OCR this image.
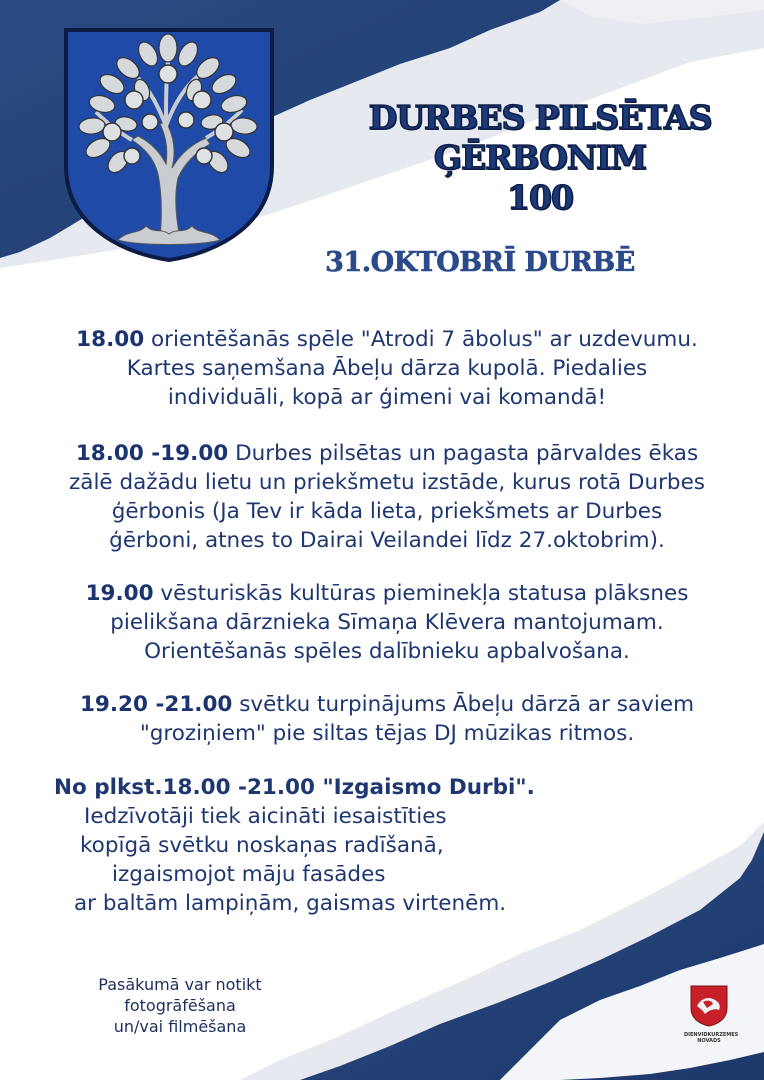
DURBES PILSĒTAS
ĢĒRBONIM
100
31.OKTOBRĪ DURBĒ
18.00 orientēšanās spēle "Atrodi 7 ābolus" ar uzdevumu.
Kartes saņemšana Ābeļu dārza kupolā. Piedalies
individuāli, kopā ar ģimeni vai komandā!
18.00 -19.00 Durbes pilsētas un pagasta pārvaldes ēkas
zālē dažādu lietu un priekšmetu izstāde, kurus rotā Durbes
ģērbonis (Ja Tev ir kāda lieta, priekšmets ar Durbes
ģērboni, atnes to Dairai Veilandei līdz 27.oktobrim).
19.00 vēsturiskās kultūras pieminekļa statusa plāksnes
pielikšana dārznieka Sīmaņa Klēvera mantojumam.
Orientēšanās spēles dalībnieku apbalvošana.
19.20 -21.00 svētku turpinājums Ābeļu dārzā ar saviem
"groziņiem" pie siltas tējas DJ mūzikas ritmos.
No plkst.18.00 -21.00 "Izgaismo Durbi".
Iedzīvotāji tiek aicināti iesaistīties
kopīgā svētku noskaņas radīšanā,
izgaismojot māju fasādes
ar baltām lampiņām, gaismas virtenēm.
Pasākumā var notikt
fotogrāfēšana
un/vai filmēšana	DIENVIDKURZEMES
NOVADS
